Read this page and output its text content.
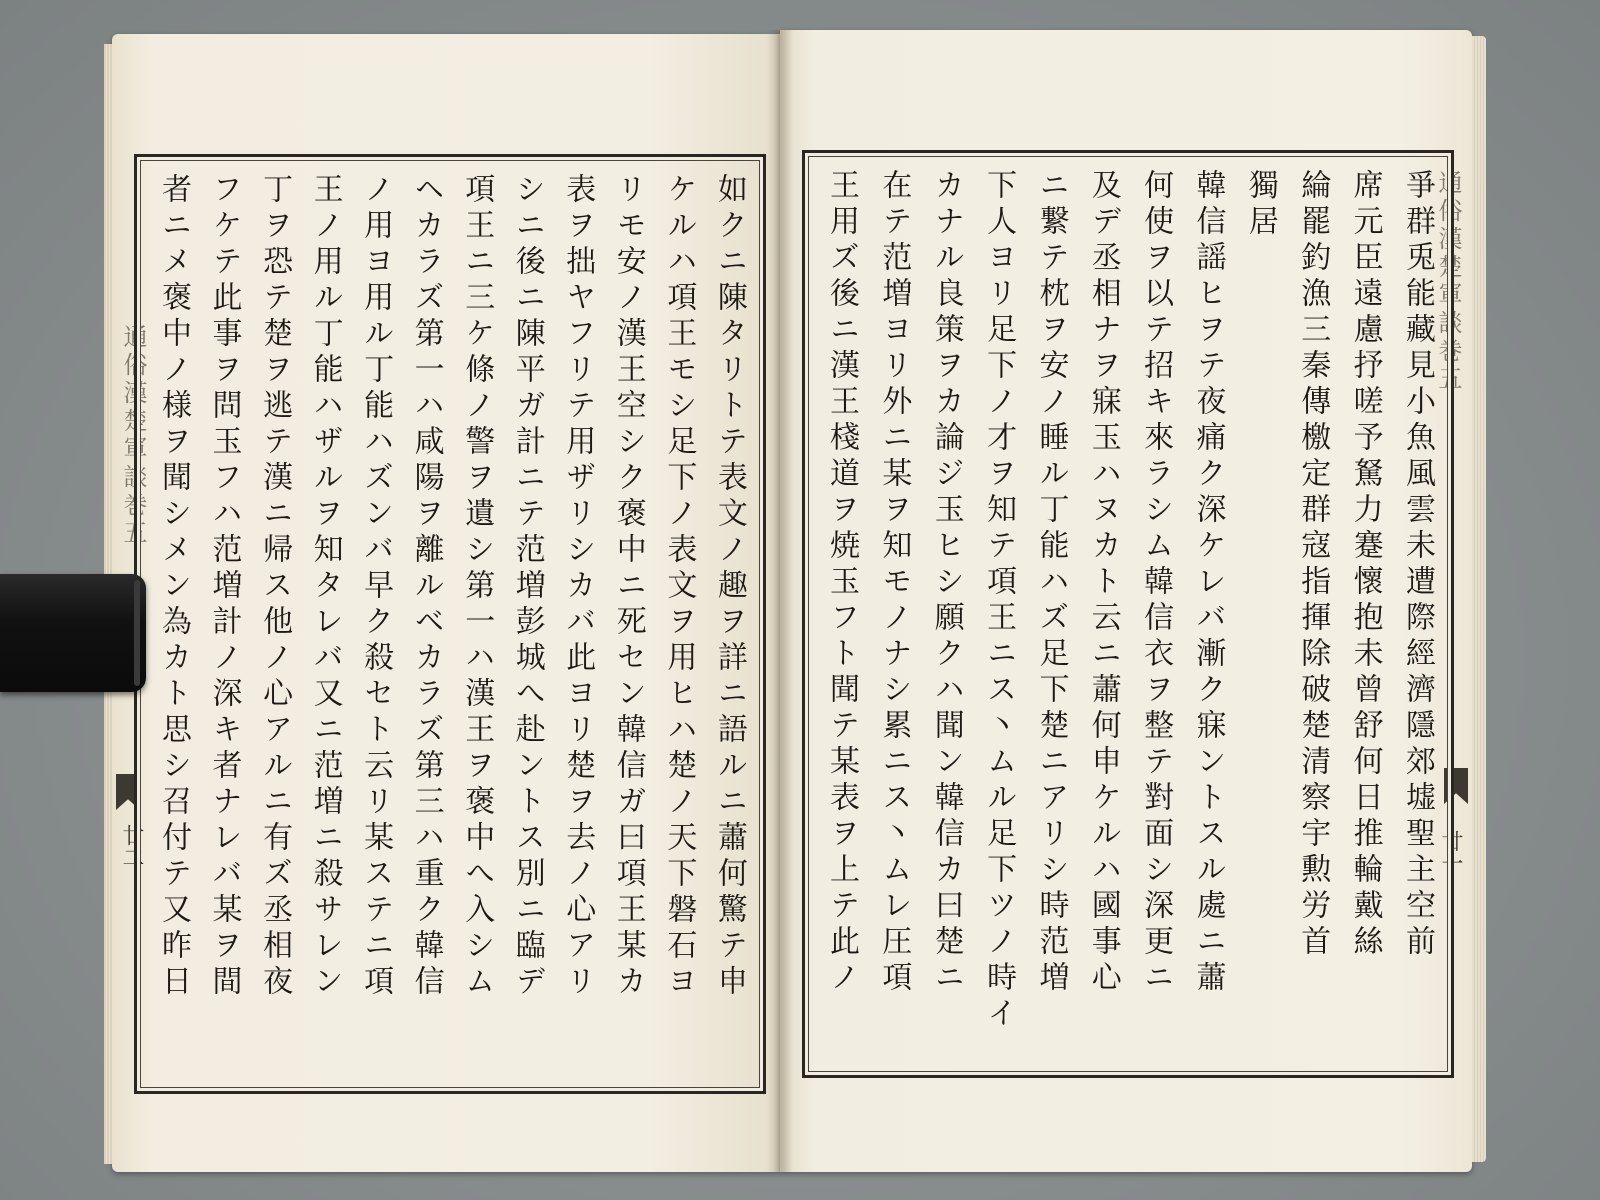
通俗漢楚軍談巻五
廿二	如クニ陳タリトテ表文ノ趣ヲ詳ニ語ルニ蕭何驚テ申
ケルハ項王モシ足下ノ表文ヲ用ヒハ楚ノ天下磐石ヨ
リモ安ノ漢王空シク褒中ニ死セン韓信ガ曰項王某カ
表ヲ拙ヤフリテ用ザリシカバ此ヨリ楚ヲ去ノ心アリ
シニ後ニ陳平ガ計ニテ范増彭城へ赴ントス別ニ臨デ
項王ニ三ケ條ノ警ヲ遺シ第一ハ漢王ヲ褒中へ入シム
ヘカラズ第一ハ咸陽ヲ離ルベカラズ第三ハ重ク韓信
ノ用ヨ用ル丁能ハズンバ早ク殺セト云リ某ステニ項
王ノ用ル丁能ハザルヲ知タレバ又ニ范増ニ殺サレン
丁ヲ恐テ楚ヲ逃テ漢ニ帰ス他ノ心アルニ有ズ丞相夜
フケテ此事ヲ問玉フハ范増計ノ深キ者ナレバ某ヲ間
者ニメ褒中ノ様ヲ聞シメン為カト思シ召付テ又昨日	通俗漢楚軍談巻五
廿一
爭群兎能藏見小魚風雲未遭際經濟隱郊墟聖主空前
席元臣遠慮抒嗟予駑力蹇懷抱未曾舒何日推輪戴絲
綸罷釣漁三秦傳檄定群寇指揮除破楚清察宇勲労首
獨居
韓信謡ヒヲテ夜痛ク深ケレバ漸ク寐ントスル處ニ蕭
何使ヲ以テ招キ來ラシム韓信衣ヲ整テ對面シ深更ニ
及デ丞相ナヲ寐玉ハヌカト云ニ蕭何申ケルハ國事心
ニ繋テ枕ヲ安ノ睡ル丁能ハズ足下楚ニアリシ時范増
下人ヨリ足下ノ才ヲ知テ項王ニス丶ムル足下ツノ時イ
カナル良策ヲカ論ジ玉ヒシ願クハ聞ン韓信カ曰楚ニ
在テ范増ヨリ外ニ某ヲ知モノナシ累ニス丶ムレ圧項
王用ズ後ニ漢王棧道ヲ焼玉フト聞テ某表ヲ上テ此ノ
